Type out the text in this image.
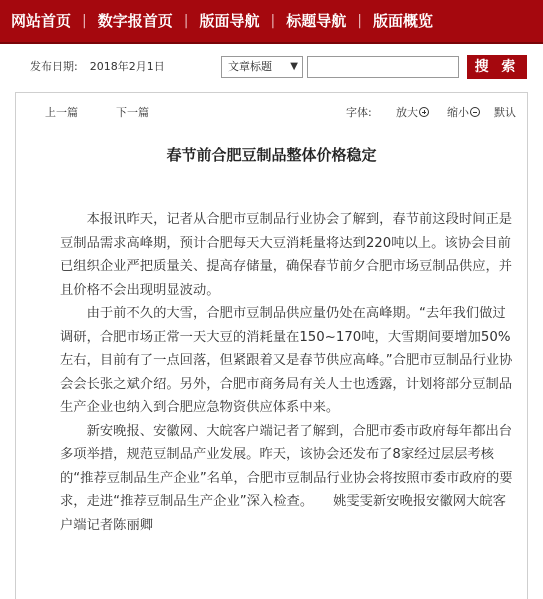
网站首页 | 数字报首页 | 版面导航 | 标题导航 | 版面概览
发布日期: 2018年2月1日	文章标题 ▼	搜 索
上一篇	下一篇	字体: 放大	缩小 默认
春节前合肥豆制品整体价格稳定

本报讯昨天，记者从合肥市豆制品行业协会了解到，春节前这段时间正是豆制品需求高峰期，预计合肥每天大豆消耗量将达到220吨以上。该协会目前已组织企业严把质量关、提高存储量，确保春节前夕合肥市场豆制品供应，并且价格不会出现明显波动。

由于前不久的大雪，合肥市豆制品供应量仍处在高峰期。“去年我们做过调研，合肥市场正常一天大豆的消耗量在150~170吨，大雪期间要增加50%左右，目前有了一点回落，但紧跟着又是春节供应高峰。”合肥市豆制品行业协会会长张之斌介绍。另外，合肥市商务局有关人士也透露，计划将部分豆制品生产企业也纳入到合肥应急物资供应体系中来。

新安晚报、安徽网、大皖客户端记者了解到，合肥市委市政府每年都出台多项举措，规范豆制品产业发展。昨天，该协会还发布了8家经过层层考核的“推荐豆制品生产企业”名单，合肥市豆制品行业协会将按照市委市政府的要求，走进“推荐豆制品生产企业”深入检查。　　姚雯雯新安晚报安徽网大皖客户端记者陈丽卿
